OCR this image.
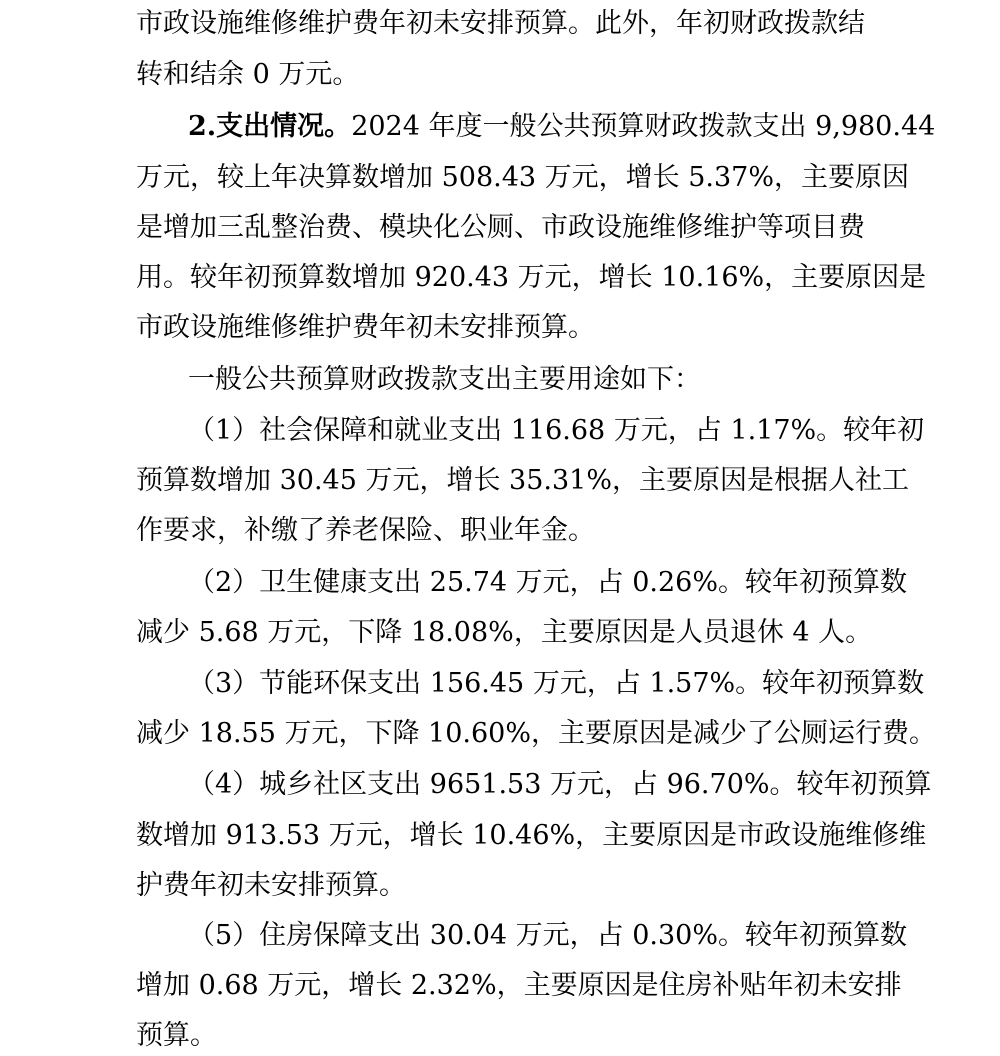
市政设施维修维护费年初未安排预算。此外，年初财政拨款结
转和结余 0 万元。
2.支出情况。2024 年度一般公共预算财政拨款支出 9,980.44
万元，较上年决算数增加 508.43 万元，增长 5.37%，主要原因
是增加三乱整治费、模块化公厕、市政设施维修维护等项目费
用。较年初预算数增加 920.43 万元，增长 10.16%，主要原因是
市政设施维修维护费年初未安排预算。
一般公共预算财政拨款支出主要用途如下：
（1）社会保障和就业支出 116.68 万元，占 1.17%。较年初
预算数增加 30.45 万元，增长 35.31%，主要原因是根据人社工
作要求，补缴了养老保险、职业年金。
（2）卫生健康支出 25.74 万元，占 0.26%。较年初预算数
减少 5.68 万元，下降 18.08%，主要原因是人员退休 4 人。
（3）节能环保支出 156.45 万元，占 1.57%。较年初预算数
减少 18.55 万元，下降 10.60%，主要原因是减少了公厕运行费。
（4）城乡社区支出 9651.53 万元，占 96.70%。较年初预算
数增加 913.53 万元，增长 10.46%，主要原因是市政设施维修维
护费年初未安排预算。
（5）住房保障支出 30.04 万元，占 0.30%。较年初预算数
增加 0.68 万元，增长 2.32%，主要原因是住房补贴年初未安排
预算。
